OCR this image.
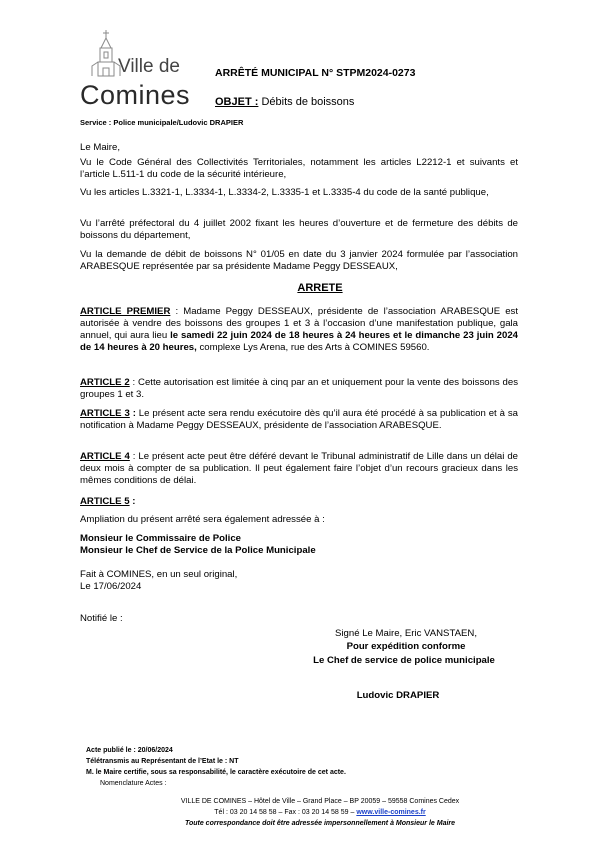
Ville de
Comines
ARRÊTÉ MUNICIPAL N° STPM2024-0273
OBJET : Débits de boissons
Service : Police municipale/Ludovic DRAPIER
Le Maire,
Vu le Code Général des Collectivités Territoriales, notamment les articles L2212-1 et suivants et l’article L.511-1 du code de la sécurité intérieure,
Vu les articles L.3321-1, L.3334-1, L.3334-2, L.3335-1 et L.3335-4 du code de la santé publique,
Vu l’arrêté préfectoral du 4 juillet 2002 fixant les heures d’ouverture et de fermeture des débits de boissons du département,
Vu la demande de débit de boissons N° 01/05 en date du 3 janvier 2024 formulée par l’association ARABESQUE représentée par sa présidente Madame Peggy DESSEAUX,
ARRETE
ARTICLE PREMIER : Madame Peggy DESSEAUX, présidente de l’association ARABESQUE est autorisée à vendre des boissons des groupes 1 et 3 à l’occasion d’une manifestation publique, gala annuel, qui aura lieu le samedi 22 juin 2024 de 18 heures à 24 heures et le dimanche 23 juin 2024 de 14 heures à 20 heures, complexe Lys Arena, rue des Arts à COMINES 59560.
ARTICLE 2 : Cette autorisation est limitée à cinq par an et uniquement pour la vente des boissons des groupes 1 et 3.
ARTICLE 3 : Le présent acte sera rendu exécutoire dès qu’il aura été procédé à sa publication et à sa notification à Madame Peggy DESSEAUX, présidente de l’association ARABESQUE.
ARTICLE 4 : Le présent acte peut être déféré devant le Tribunal administratif de Lille dans un délai de deux mois à compter de sa publication. Il peut également faire l’objet d’un recours gracieux dans les mêmes conditions de délai.
ARTICLE 5 :
Ampliation du présent arrêté sera également adressée à :
Monsieur le Commissaire de Police
Monsieur le Chef de Service de la Police Municipale
Fait à COMINES, en un seul original,
Le 17/06/2024
Notifié le :
Signé Le Maire, Eric VANSTAEN,
Pour expédition conforme
Le Chef de service de police municipale
Ludovic DRAPIER
Acte publié le : 20/06/2024
Télétransmis au Représentant de l’Etat le : NT
M. le Maire certifie, sous sa responsabilité, le caractère exécutoire de cet acte.
Nomenclature Actes :
VILLE DE COMINES – Hôtel de Ville – Grand Place – BP 20059 – 59558 Comines Cedex
Tél : 03 20 14 58 58 – Fax : 03 20 14 58 59 – www.ville-comines.fr
Toute correspondance doit être adressée impersonnellement à Monsieur le Maire
